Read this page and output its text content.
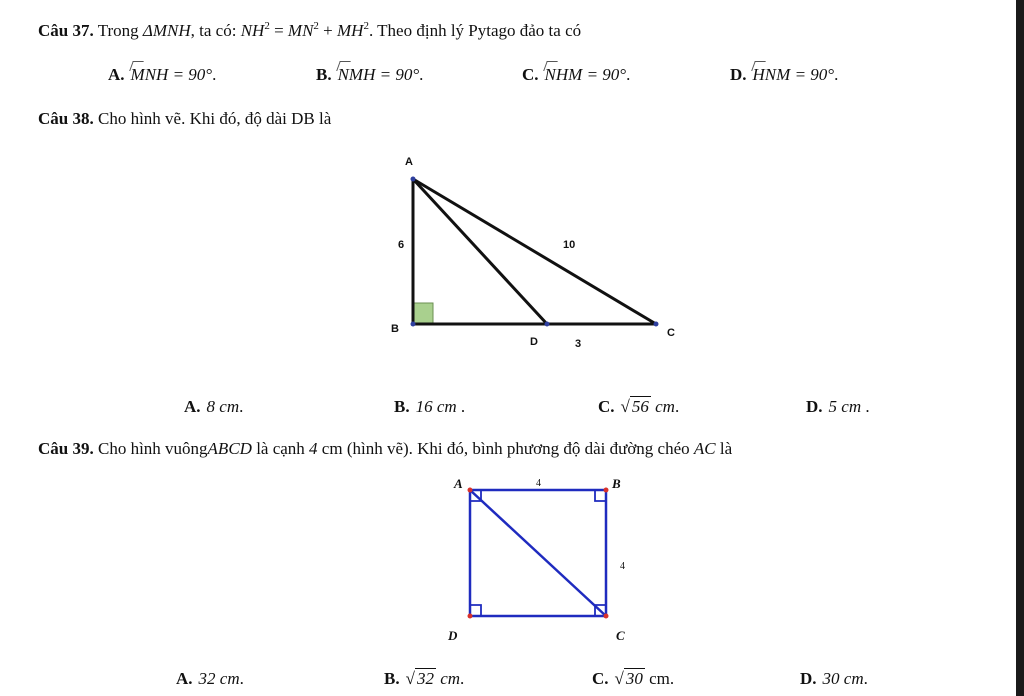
Câu 37. Trong ΔMNH, ta có: $NH^2 = MN^2 + MH^2$. Theo định lý Pytago đảo ta có
A. MNH = 90°.	B. NMH = 90°.	C. NHM = 90°.	D. HNM = 90°.
Câu 38. Cho hình vẽ. Khi đó, độ dài DB là
A
B	C
D
6	10
3
A. 8 cm.	B. 16 cm .	C. √ 56 cm.	D. 5 cm .
Câu 39. Cho hình vuôngABCD là cạnh 4 cm (hình vẽ). Khi đó, bình phương độ dài đường chéo AC là
A	B
C
D
4
4
A. 32 cm.	B. √ 32 cm.	C. √ 30 cm.	D. 30 cm.
